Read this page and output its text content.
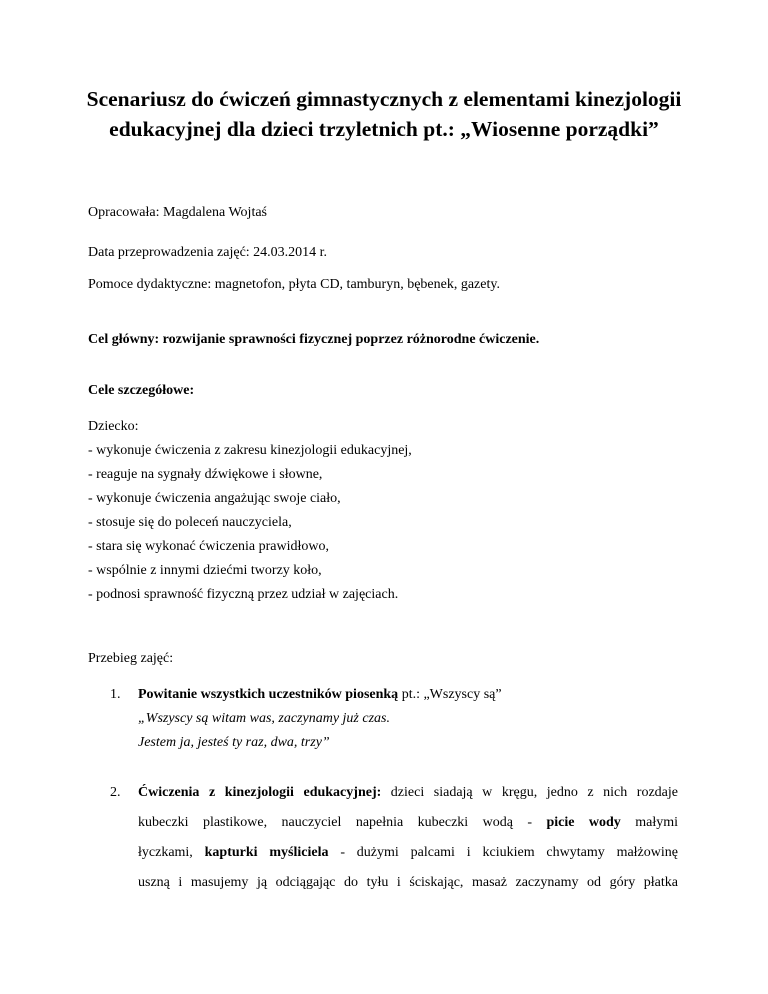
Scenariusz do ćwiczeń gimnastycznych z elementami kinezjologii
edukacyjnej dla dzieci trzyletnich pt.: „Wiosenne porządki”
Opracowała: Magdalena Wojtaś
Data przeprowadzenia zajęć: 24.03.2014 r.
Pomoce dydaktyczne: magnetofon, płyta CD, tamburyn, bębenek, gazety.
Cel główny: rozwijanie sprawności fizycznej poprzez różnorodne ćwiczenie.
Cele szczegółowe:
Dziecko:
- wykonuje ćwiczenia z zakresu kinezjologii edukacyjnej,
- reaguje na sygnały dźwiękowe i słowne,
- wykonuje ćwiczenia angażując swoje ciało,
- stosuje się do poleceń nauczyciela,
- stara się wykonać ćwiczenia prawidłowo,
- wspólnie z innymi dziećmi tworzy koło,
- podnosi sprawność fizyczną przez udział w zajęciach.
Przebieg zajęć:
1.	Powitanie wszystkich uczestników piosenką pt.: „Wszyscy są”
„Wszyscy są witam was, zaczynamy już czas.
Jestem ja, jesteś ty raz, dwa, trzy”
2.	Ćwiczenia z kinezjologii edukacyjnej: dzieci siadają w kręgu, jedno z nich rozdaje
kubeczki plastikowe, nauczyciel napełnia kubeczki wodą - picie wody małymi
łyczkami, kapturki myśliciela - dużymi palcami i kciukiem chwytamy małżowinę
uszną i masujemy ją odciągając do tyłu i ściskając, masaż zaczynamy od góry płatka
